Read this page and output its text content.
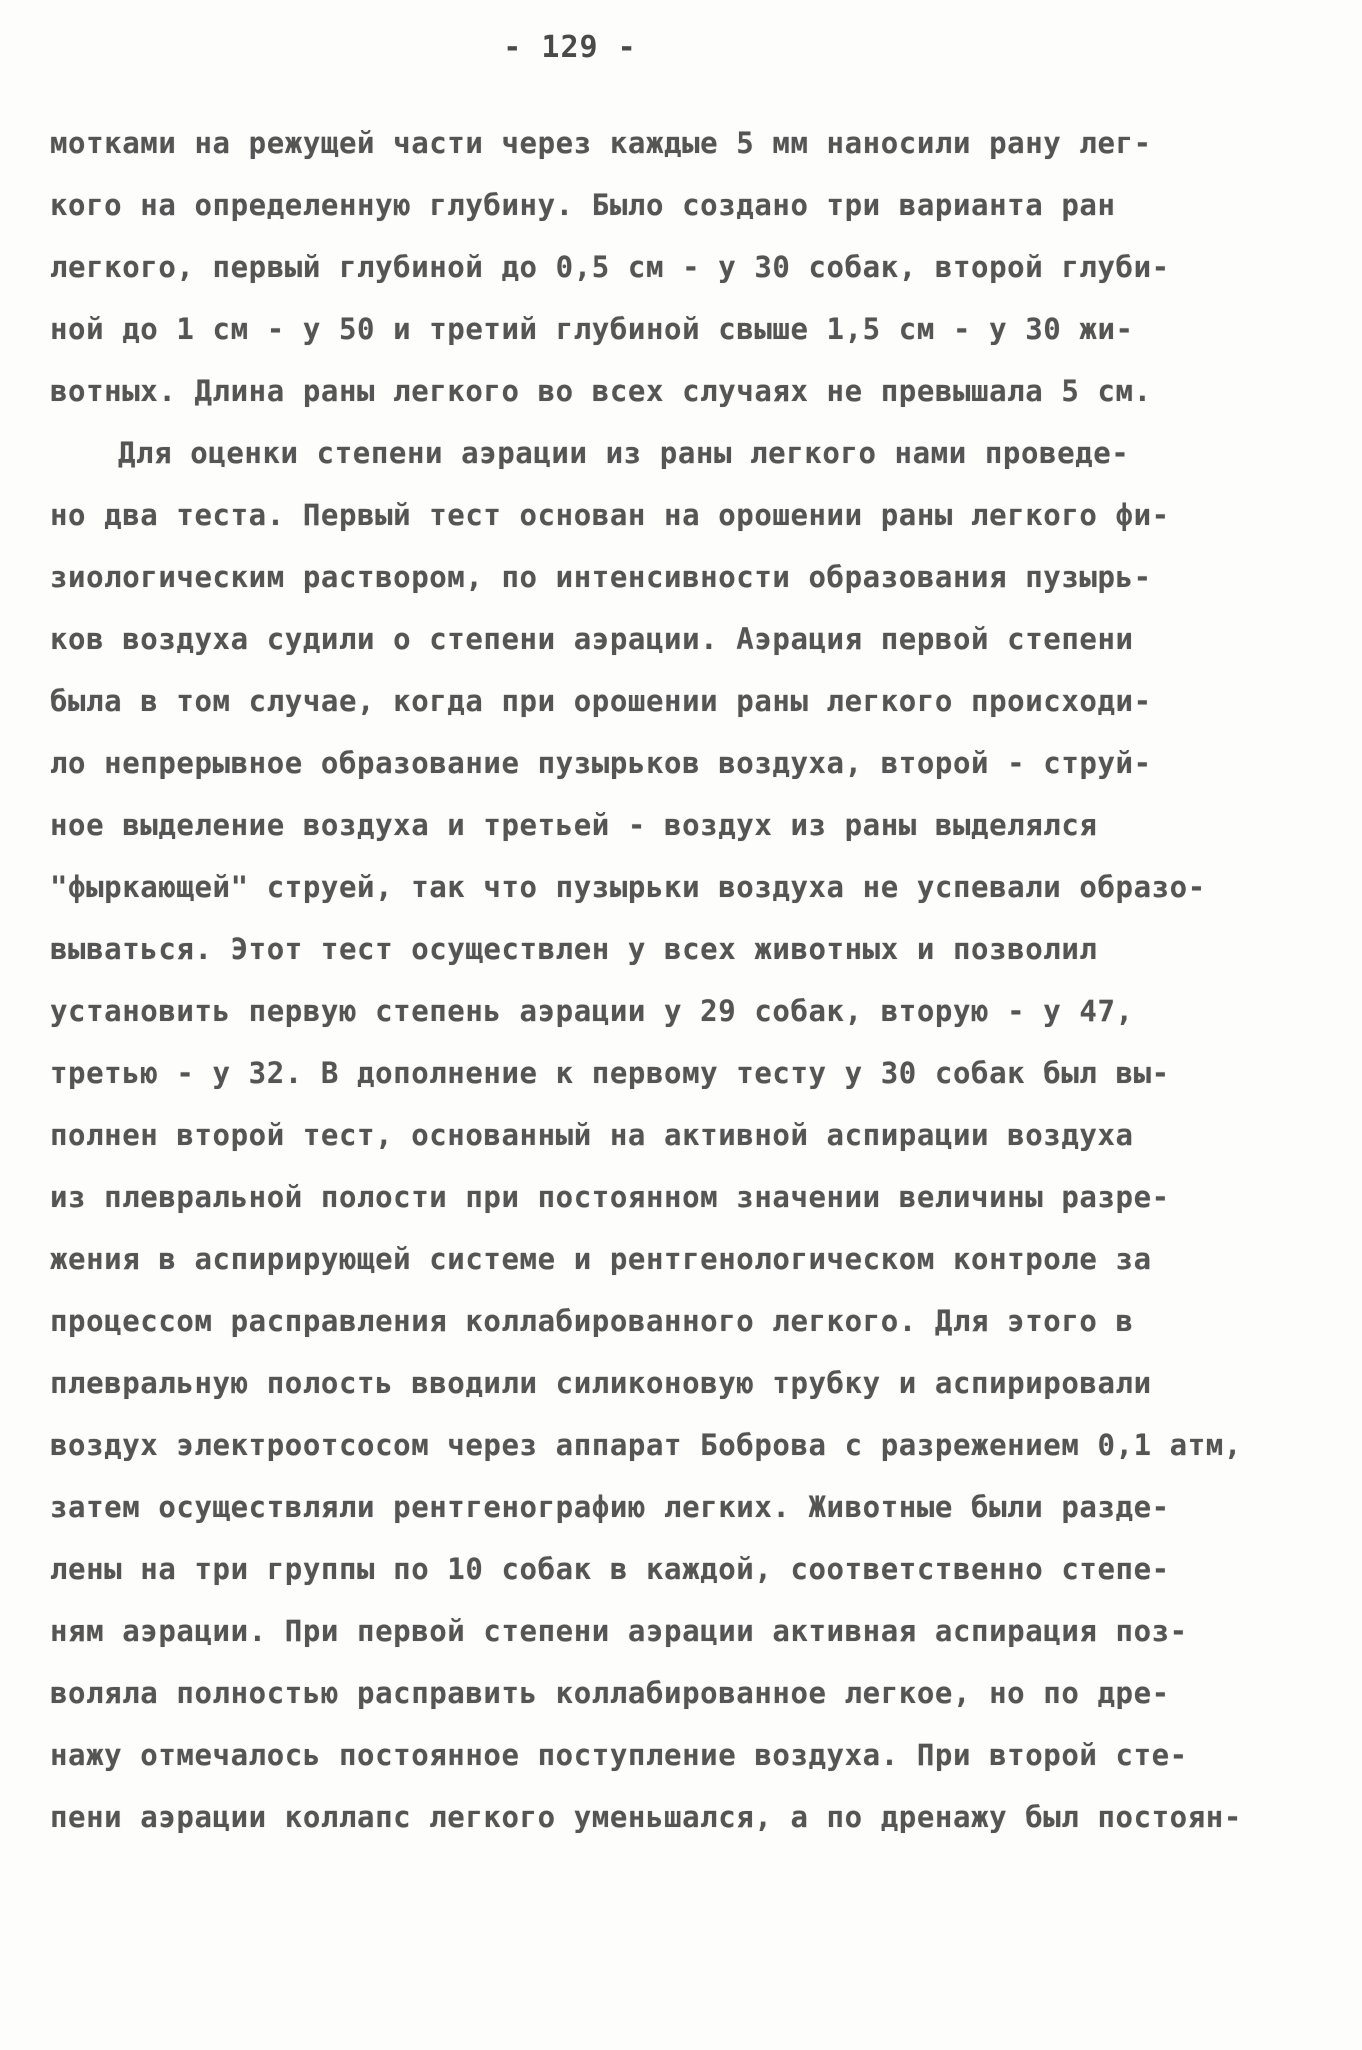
- 129 -
мотками на режущей части через каждые 5 мм наносили рану лег-
кого на определенную глубину. Было создано три варианта ран
легкого, первый глубиной до 0,5 см - у 30 собак, второй глуби-
ной до 1 см - у 50 и третий глубиной свыше 1,5 см - у 30 жи-
вотных. Длина раны легкого во всех случаях не превышала 5 см.
Для оценки степени аэрации из раны легкого нами проведе-
но два теста. Первый тест основан на орошении раны легкого фи-
зиологическим раствором, по интенсивности образования пузырь-
ков воздуха судили о степени аэрации. Аэрация первой степени
была в том случае, когда при орошении раны легкого происходи-
ло непрерывное образование пузырьков воздуха, второй - струй-
ное выделение воздуха и третьей - воздух из раны выделялся
"фыркающей" струей, так что пузырьки воздуха не успевали образо-
вываться. Этот тест осуществлен у всех животных и позволил
установить первую степень аэрации у 29 собак, вторую - у 47,
третью - у 32. В дополнение к первому тесту у 30 собак был вы-
полнен второй тест, основанный на активной аспирации воздуха
из плевральной полости при постоянном значении величины разре-
жения в аспирирующей системе и рентгенологическом контроле за
процессом расправления коллабированного легкого. Для этого в
плевральную полость вводили силиконовую трубку и аспирировали
воздух электроотсосом через аппарат Боброва с разрежением 0,1 атм,
затем осуществляли рентгенографию легких. Животные были разде-
лены на три группы по 10 собак в каждой, соответственно степе-
ням аэрации. При первой степени аэрации активная аспирация поз-
воляла полностью расправить коллабированное легкое, но по дре-
нажу отмечалось постоянное поступление воздуха. При второй сте-
пени аэрации коллапс легкого уменьшался, а по дренажу был постоян-
